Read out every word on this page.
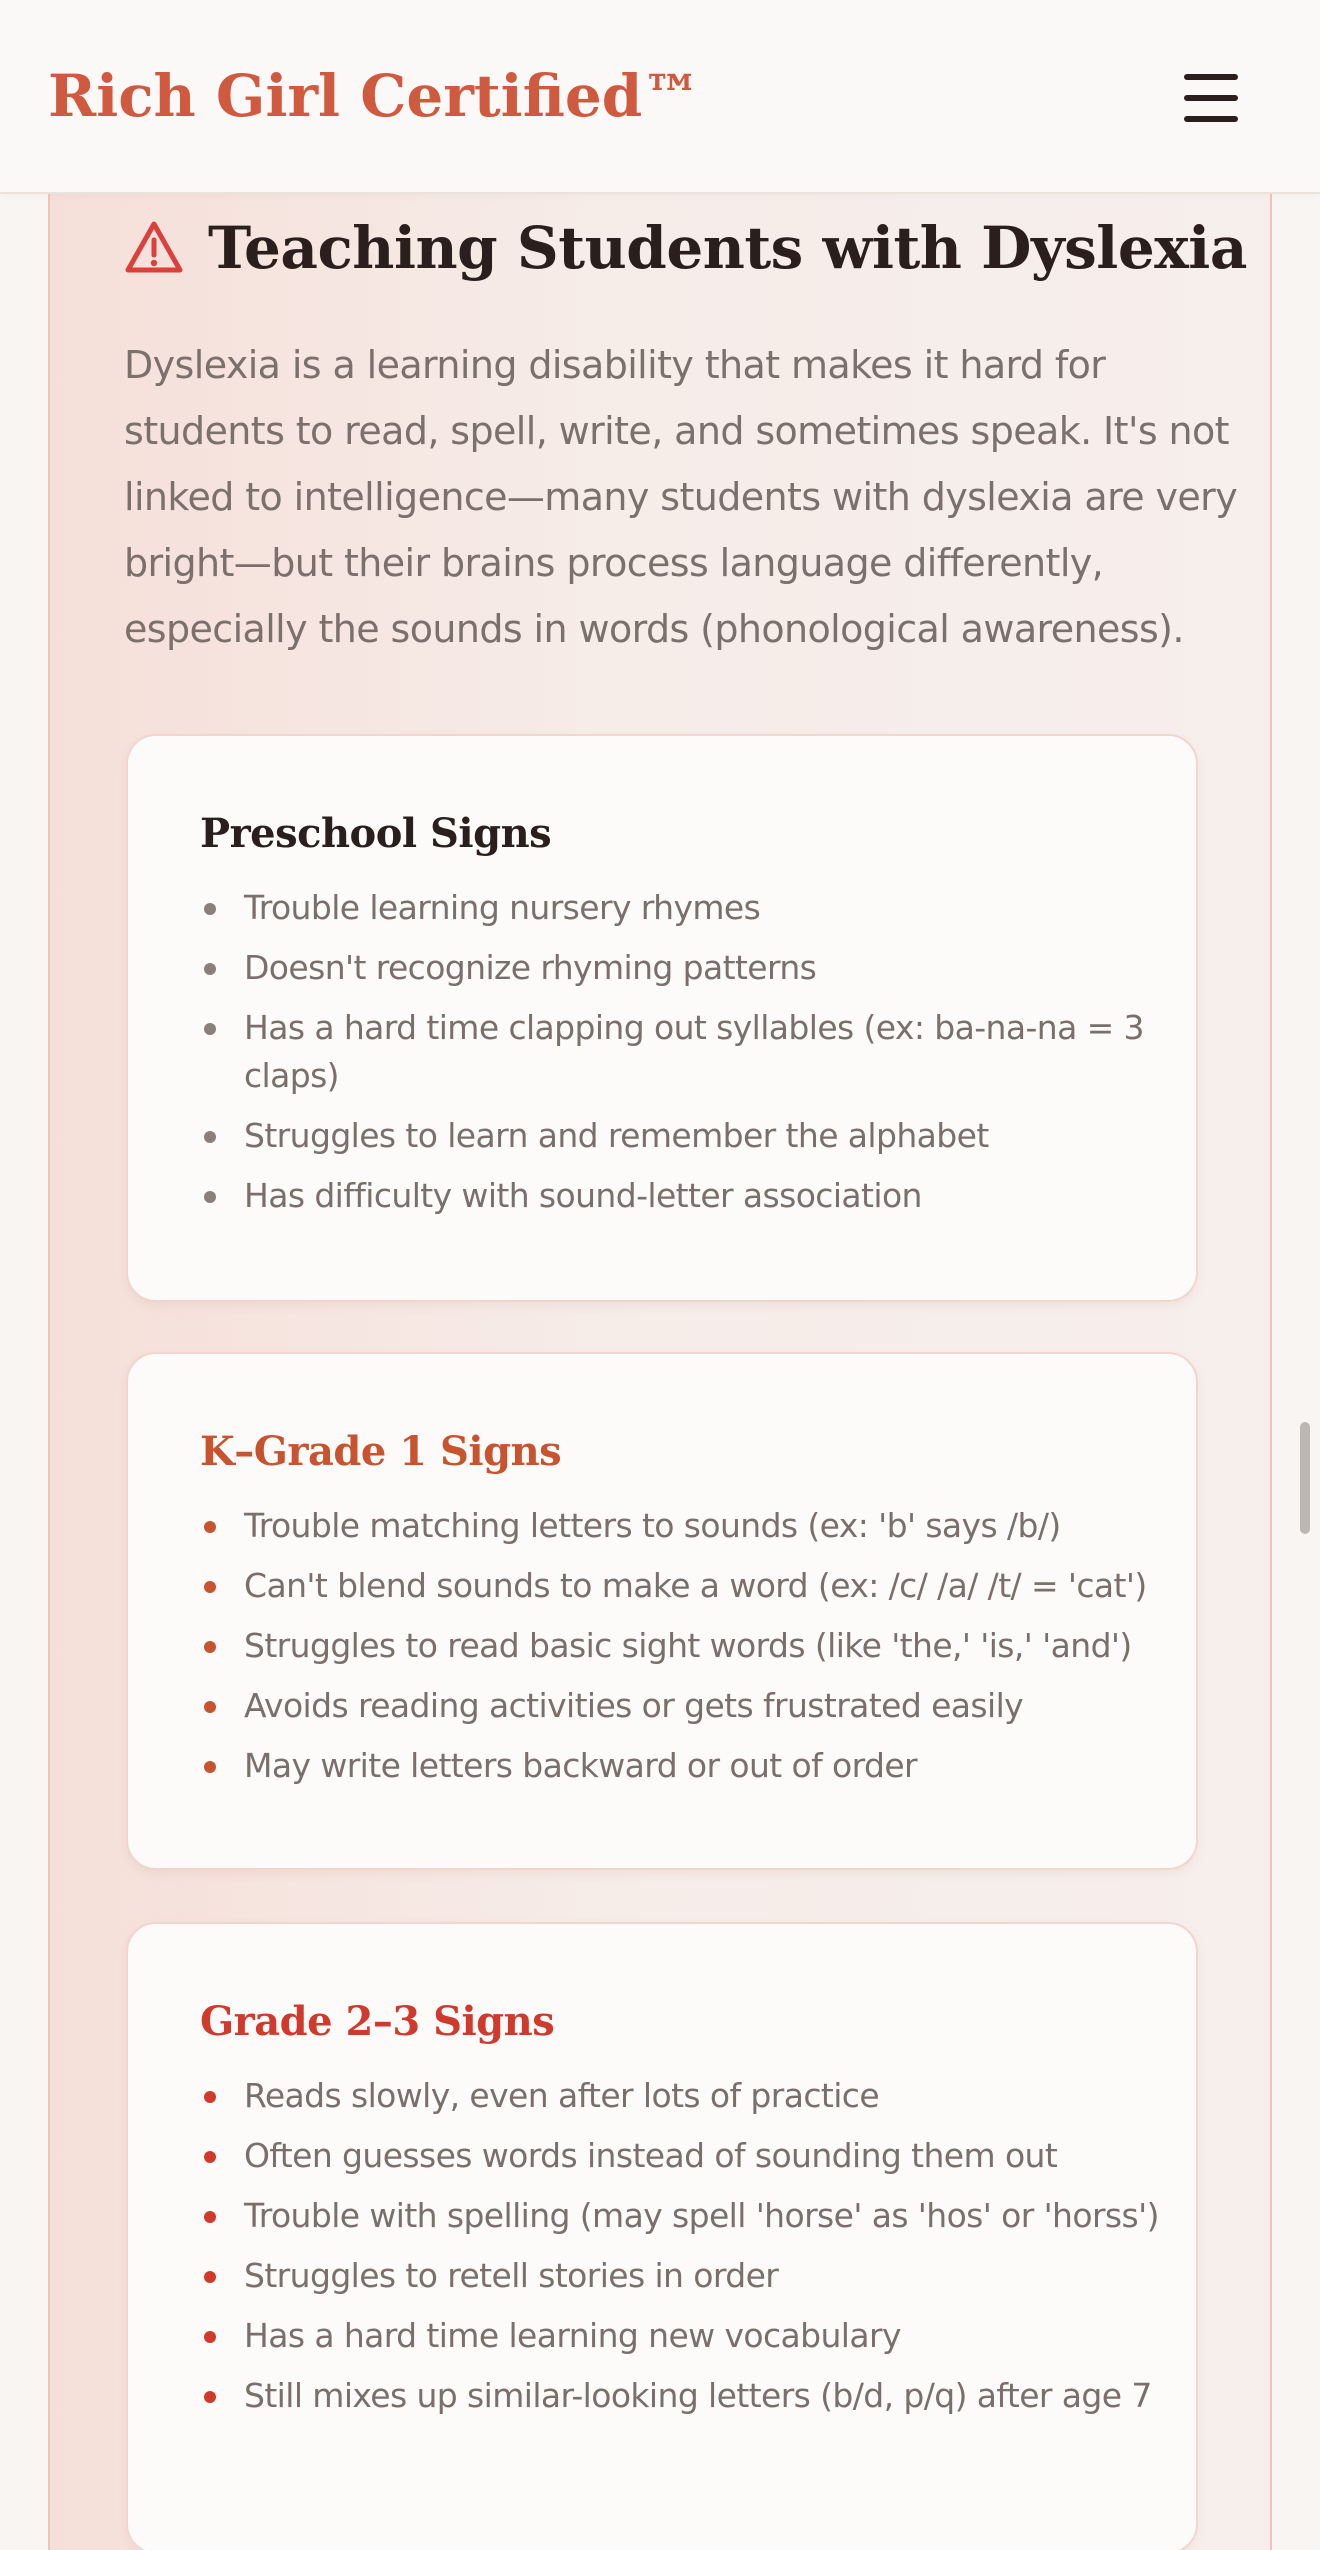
Rich Girl Certified™
Teaching Students with Dyslexia

Dyslexia is a learning disability that makes it hard for students to read, spell, write, and sometimes speak. It's not linked to intelligence—many students with dyslexia are very bright—but their brains process language differently, especially the sounds in words (phonological awareness).

Preschool Signs
Trouble learning nursery rhymes
Doesn't recognize rhyming patterns
Has a hard time clapping out syllables (ex: ba-na-na = 3 claps)
Struggles to learn and remember the alphabet
Has difficulty with sound-letter association
K–Grade 1 Signs
Trouble matching letters to sounds (ex: 'b' says /b/)
Can't blend sounds to make a word (ex: /c/ /a/ /t/ = 'cat')
Struggles to read basic sight words (like 'the,' 'is,' 'and')
Avoids reading activities or gets frustrated easily
May write letters backward or out of order
Grade 2–3 Signs
Reads slowly, even after lots of practice
Often guesses words instead of sounding them out
Trouble with spelling (may spell 'horse' as 'hos' or 'horss')
Struggles to retell stories in order
Has a hard time learning new vocabulary
Still mixes up similar-looking letters (b/d, p/q) after age 7
